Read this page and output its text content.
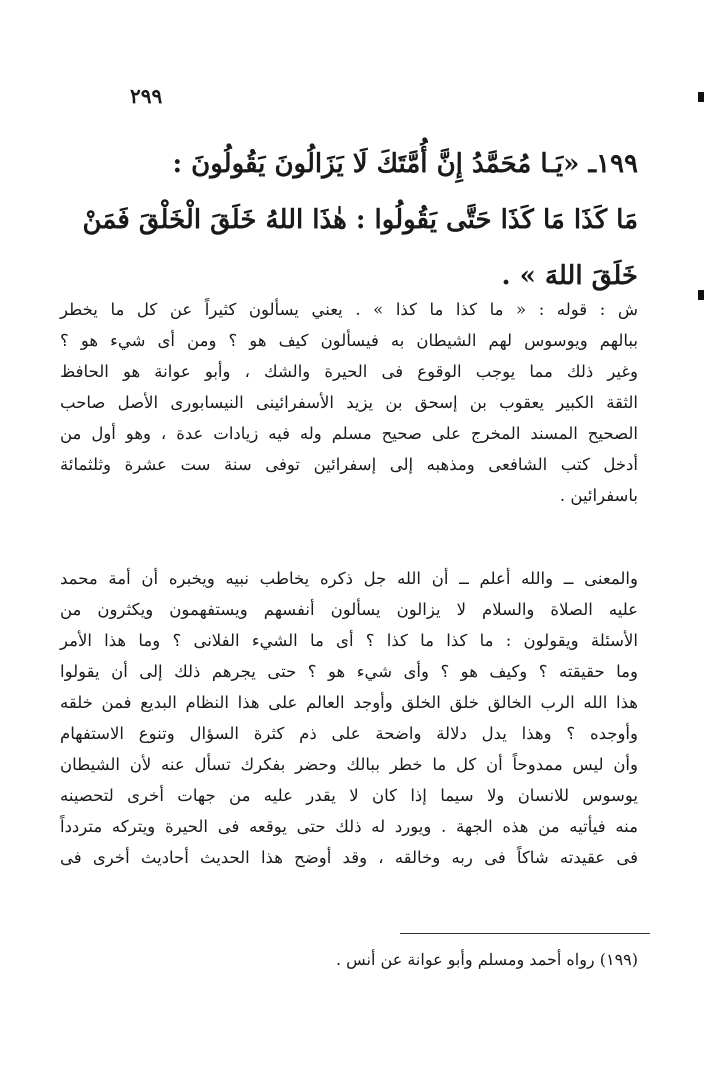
٢٩٩
١٩٩ـ «يَـا مُحَمَّدُ إِنَّ أُمَّتَكَ لَا يَزَالُونَ يَقُولُونَ :
مَا كَذَا مَا كَذَا حَتَّى يَقُولُوا : هٰذَا اللهُ خَلَقَ الْخَلْقَ فَمَنْ
خَلَقَ اللهَ » .
ش : قوله : « ما كذا ما كذا » . يعني يسألون كثيراً عن كل ما يخطر
ببالهم ويوسوس لهم الشيطان به فيسألون كيف هو ؟ ومن أى شيء هو ؟
وغير ذلك مما يوجب الوقوع فى الحيرة والشك ، وأبو عوانة هو الحافظ
الثقة الكبير يعقوب بن إسحق بن يزيد الأسفرائينى النيسابورى الأصل صاحب
الصحيح المسند المخرج على صحيح مسلم وله فيه زيادات عدة ، وهو أول من
أدخل كتب الشافعى ومذهبه إلى إسفرائين توفى سنة ست عشرة وثلثمائة
باسفرائين .
والمعنى ــ والله أعلم ــ أن الله جل ذكره يخاطب نبيه ويخبره أن أمة محمد
عليه الصلاة والسلام لا يزالون يسألون أنفسهم ويستفهمون ويكثرون من
الأسئلة ويقولون : ما كذا ما كذا ؟ أى ما الشيء الفلانى ؟ وما هذا الأمر
وما حقيقته ؟ وكيف هو ؟ وأى شيء هو ؟ حتى يجرهم ذلك إلى أن يقولوا
هذا الله الرب الخالق خلق الخلق وأوجد العالم على هذا النظام البديع فمن خلقه
وأوجده ؟ وهذا يدل دلالة واضحة على ذم كثرة السؤال وتنوع الاستفهام
وأن ليس ممدوحاً أن كل ما خطر ببالك وحضر بفكرك تسأل عنه لأن الشيطان
يوسوس للانسان ولا سيما إذا كان لا يقدر عليه من جهات أخرى لتحصينه
منه فيأتيه من هذه الجهة . ويورد له ذلك حتى يوقعه فى الحيرة ويتركه متردداً
فى عقيدته شاكاً فى ربه وخالقه ، وقد أوضح هذا الحديث أحاديث أخرى فى
(١٩٩) رواه أحمد ومسلم وأبو عوانة عن أنس .
